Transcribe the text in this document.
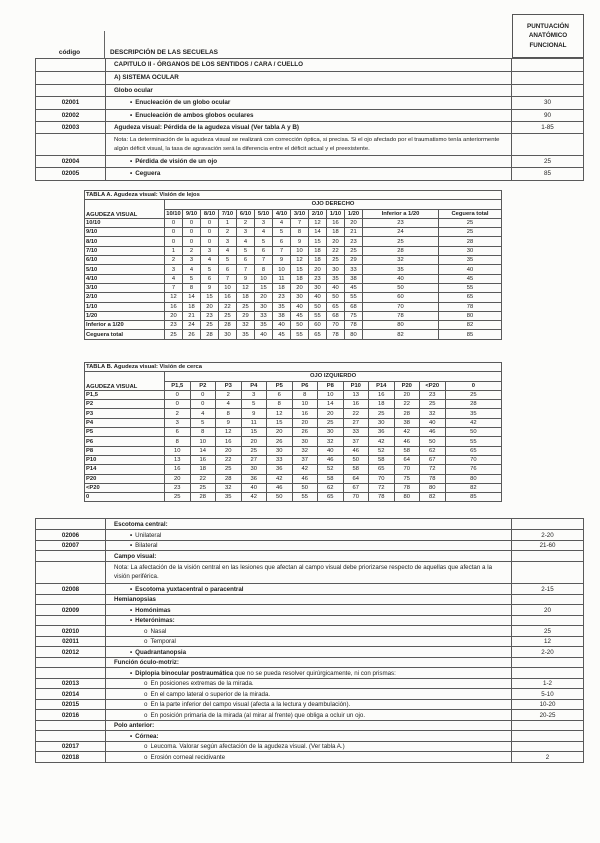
código	DESCRIPCIÓN DE LAS SECUELAS
PUNTUACIÓN
ANATÓMICO
FUNCIONAL
CAPITULO II - ÓRGANOS DE LOS SENTIDOS / CARA / CUELLO
A) SISTEMA OCULAR
Globo ocular
02001	• Enucleación de un globo ocular	30
02002	• Enucleación de ambos globos oculares	90
02003	Agudeza visual: Pérdida de la agudeza visual (Ver tabla A y B)	1-85
Nota: La determinación de la agudeza visual se realizará con corrección óptica, si precisa. Si el ojo afectado por el traumatismo tenía anteriormente algún déficit visual, la tasa de agravación será la diferencia entre el déficit actual y el preexistente.
02004	• Pérdida de visión de un ojo	25
02005	• Ceguera	85
TABLA A. Agudeza visual: Visión de lejos													
AGUDEZA VISUAL	OJO DERECHO												
	10/10	9/10	8/10	7/10	6/10	5/10	4/10	3/10	2/10	1/10	1/20	Inferior a 1/20	Ceguera total
10/10	0	0	0	1	2	3	4	7	12	16	20	23	25
9/10	0	0	0	2	3	4	5	8	14	18	21	24	25
8/10	0	0	0	3	4	5	6	9	15	20	23	25	28
7/10	1	2	3	4	5	6	7	10	18	22	25	28	30
6/10	2	3	4	5	6	7	9	12	18	25	29	32	35
5/10	3	4	5	6	7	8	10	15	20	30	33	35	40
4/10	4	5	6	7	9	10	11	18	23	35	38	40	45
3/10	7	8	9	10	12	15	18	20	30	40	45	50	55
2/10	12	14	15	16	18	20	23	30	40	50	55	60	65
1/10	16	18	20	22	25	30	35	40	50	65	68	70	78
1/20	20	21	23	25	29	33	38	45	55	68	75	78	80
Inferior a 1/20	23	24	25	28	32	35	40	50	60	70	78	80	82
Ceguera total	25	26	28	30	35	40	45	55	65	78	80	82	85
TABLA B. Agudeza visual: Visión de cerca												
AGUDEZA VISUAL	OJO IZQUIERDO											
	P1,5	P2	P3	P4	P5	P6	P8	P10	P14	P20	<P20	0
P1,5	0	0	2	3	6	8	10	13	16	20	23	25
P2	0	0	4	5	8	10	14	16	18	22	25	28
P3	2	4	8	9	12	16	20	22	25	28	32	35
P4	3	5	9	11	15	20	25	27	30	38	40	42
P5	6	8	12	15	20	26	30	33	36	42	46	50
P6	8	10	16	20	26	30	32	37	42	46	50	55
P8	10	14	20	25	30	32	40	46	52	58	62	65
P10	13	16	22	27	33	37	46	50	58	64	67	70
P14	16	18	25	30	36	42	52	58	65	70	72	76
P20	20	22	28	36	42	46	58	64	70	75	78	80
<P20	23	25	32	40	46	50	62	67	72	78	80	82
0	25	28	35	42	50	55	65	70	78	80	82	85
Escotoma central:
02006	• Unilateral	2-20
02007	• Bilateral	21-60
Campo visual:
Nota: La afectación de la visión central en las lesiones que afectan al campo visual debe priorizarse respecto de aquellas que afectan a la visión periférica.
02008	• Escotoma yuxtacentral o paracentral	2-15
Hemianopsias
02009	• Homónimas	20
• Heterónimas:
02010	o Nasal	25
02011	o Temporal	12
02012	• Quadrantanopsia	2-20
Función óculo-motriz:
• Diplopia binocular postraumática que no se pueda resolver quirúrgicamente, ni con prismas:
02013	o En posiciones extremas de la mirada.	1-2
02014	o En el campo lateral o superior de la mirada.	5-10
02015	o En la parte inferior del campo visual (afecta a la lectura y deambulación).	10-20
02016	o En posición primaria de la mirada (al mirar al frente) que obliga a ocluir un ojo.	20-25
Polo anterior:
• Córnea:
02017	o Leucoma. Valorar según afectación de la agudeza visual. (Ver tabla A.)
02018	o Erosión corneal recidivante	2
